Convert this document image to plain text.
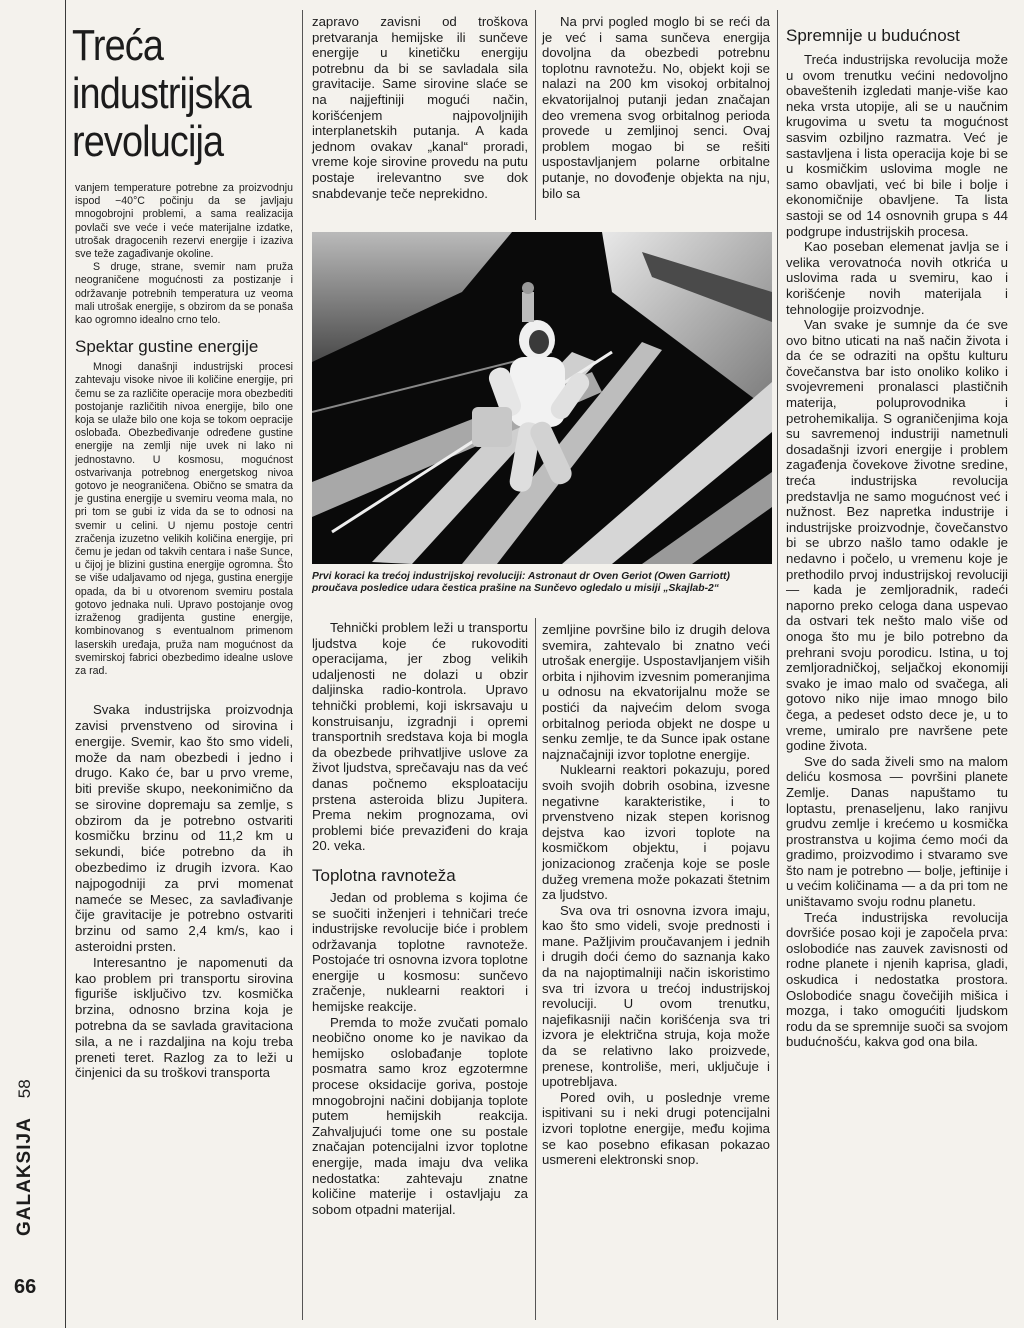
GALAKSIJA 58
66
Treća
industrijska
revolucija

vanjem temperature potrebne za proizvodnju ispod −40°C počinju da se javljaju mnogobrojni problemi, a sama realizacija povlači sve veće i veće materijalne izdatke, utrošak dragocenih rezervi energije i izaziva sve teže zagađivanje okoline.

S druge, strane, svemir nam pruža neograničene mogućnosti za postizanje i održavanje potrebnih temperatura uz veoma mali utrošak energije, s obzirom da se ponaša kao ogromno idealno crno telo.

Spektar gustine energije

Mnogi današnji industrijski procesi zahtevaju visoke nivoe ili količine energije, pri čemu se za različite operacije mora obezbediti postojanje različitih nivoa energije, bilo one koja se ulaže bilo one koja se tokom oepracije oslobađa. Obezbeđivanje određene gustine energije na zemlji nije uvek ni lako ni jednostavno. U kosmosu, mogućnost ostvarivanja potrebnog energetskog nivoa gotovo je neograničena. Obično se smatra da je gustina energije u svemiru veoma mala, no pri tom se gubi iz vida da se to odnosi na svemir u celini. U njemu postoje centri zračenja izuzetno velikih količina energije, pri čemu je jedan od takvih centara i naše Sunce, u čijoj je blizini gustina energije ogromna. Što se više udaljavamo od njega, gustina energije opada, da bi u otvorenom svemiru postala gotovo jednaka nuli. Upravo postojanje ovog izraženog gradijenta gustine energije, kombinovanog s eventualnom primenom laserskih uređaja, pruža nam mogućnost da svemirskoj fabrici obezbedimo idealne uslove za rad.

Svaka industrijska proizvodnja zavisi prvenstveno od sirovina i energije. Svemir, kao što smo videli, može da nam obezbedi i jedno i drugo. Kako će, bar u prvo vreme, biti previše skupo, neekonimično da se sirovine dopremaju sa zemlje, s obzirom da je potrebno ostvariti kosmičku brzinu od 11,2 km u sekundi, biće potrebno da ih obezbedimo iz drugih izvora. Kao najpogodniji za prvi momenat nameće se Mesec, za savlađivanje čije gravitacije je potrebno ostvariti brzinu od samo 2,4 km/s, kao i asteroidni prsten.

Interesantno je napomenuti da kao problem pri transportu sirovina figuriše isključivo tzv. kosmička brzina, odnosno brzina koja je potrebna da se savlada gravitaciona sila, a ne i razdaljina na koju treba preneti teret. Razlog za to leži u činjenici da su troškovi transporta

zapravo zavisni od troškova pretvaranja hemijske ili sunčeve energije u kinetičku energiju potrebnu da bi se savladala sila gravitacije. Same sirovine slaće se na najjeftiniji mogući način, korišćenjem najpovoljnijih interplanetskih putanja. A kada jednom ovakav „kanal“ proradi, vreme koje sirovine provedu na putu postaje irelevantno sve dok snabdevanje teče neprekidno.

Na prvi pogled moglo bi se reći da je već i sama sunčeva energija dovoljna da obezbedi potrebnu toplotnu ravnotežu. No, objekt koji se nalazi na 200 km visokoj orbitalnoj ekvatorijalnoj putanji jedan značajan deo vremena svog orbitalnog perioda provede u zemljinoj senci. Ovaj problem mogao bi se rešiti uspostavljanjem polarne orbitalne putanje, no dovođenje objekta na nju, bilo sa

Prvi koraci ka trećoj industrijskoj revoluciji: Astronaut dr Oven Geriot (Owen Garriott) proučava posledice udara čestica prašine na Sunčevo ogledalo u misiji „Skajlab-2“

Tehnički problem leži u transportu ljudstva koje će rukovoditi operacijama, jer zbog velikih udaljenosti ne dolazi u obzir daljinska radio-kontrola. Upravo tehnički problemi, koji iskrsavaju u konstruisanju, izgradnji i opremi transportnih sredstava koja bi mogla da obezbede prihvatljive uslove za život ljudstva, sprečavaju nas da već danas počnemo eksploataciju prstena asteroida blizu Jupitera. Prema nekim prognozama, ovi problemi biće prevaziđeni do kraja 20. veka.

Toplotna ravnoteža

Jedan od problema s kojima će se suočiti inženjeri i tehničari treće industrijske revolucije biće i problem održavanja toplotne ravnoteže. Postojaće tri osnovna izvora toplotne energije u kosmosu: sunčevo zračenje, nuklearni reaktori i hemijske reakcije.

Premda to može zvučati pomalo neobično onome ko je navikao da hemijsko oslobađanje toplote posmatra samo kroz egzotermne procese oksidacije goriva, postoje mnogobrojni načini dobijanja toplote putem hemijskih reakcija. Zahvaljujući tome one su postale značajan potencijalni izvor toplotne energije, mada imaju dva velika nedostatka: zahtevaju znatne količine materije i ostavljaju za sobom otpadni materijal.

zemljine površine bilo iz drugih delova svemira, zahtevalo bi znatno veći utrošak energije. Uspostavljanjem viših orbita i njihovim izvesnim pomeranjima u odnosu na ekvatorijalnu može se postići da najvećim delom svoga orbitalnog perioda objekt ne dospe u senku zemlje, te da Sunce ipak ostane najznačajniji izvor toplotne energije.

Nuklearni reaktori pokazuju, pored svoih svojih dobrih osobina, izvesne negativne karakteristike, i to prvenstveno nizak stepen korisnog dejstva kao izvori toplote na kosmičkom objektu, i pojavu jonizacionog zračenja koje se posle dužeg vremena može pokazati štetnim za ljudstvo.

Sva ova tri osnovna izvora imaju, kao što smo videli, svoje prednosti i mane. Pažljivim proučavanjem i jednih i drugih doći ćemo do saznanja kako da na najoptimalniji način iskoristimo sva tri izvora u trećoj industrijskoj revoluciji. U ovom trenutku, najefikasniji način korišćenja sva tri izvora je električna struja, koja može da se relativno lako proizvede, prenese, kontroliše, meri, uključuje i upotrebljava.

Pored ovih, u poslednje vreme ispitivani su i neki drugi potencijalni izvori toplotne energije, među kojima se kao posebno efikasan pokazao usmereni elektronski snop.

Spremnije u budućnost

Treća industrijska revolucija može u ovom trenutku većini nedovoljno obaveštenih izgledati manje-više kao neka vrsta utopije, ali se u naučnim krugovima u svetu ta mogućnost sasvim ozbiljno razmatra. Već je sastavljena i lista operacija koje bi se u kosmičkim uslovima mogle ne samo obavljati, već bi bile i bolje i ekonomičnije obavljene. Ta lista sastoji se od 14 osnovnih grupa s 44 podgrupe industrijskih procesa.

Kao poseban elemenat javlja se i velika verovatnoća novih otkrića u uslovima rada u svemiru, kao i korišćenje novih materijala i tehnologije proizvodnje.

Van svake je sumnje da će sve ovo bitno uticati na naš način života i da će se odraziti na opštu kulturu čovečanstva bar isto onoliko koliko i svojevremeni pronalasci plastičnih materija, poluprovodnika i petrohemikalija. S ograničenjima koja su savremenoj industriji nametnuli dosadašnji izvori energije i problem zagađenja čovekove životne sredine, treća industrijska revolucija predstavlja ne samo mogućnost već i nužnost. Bez napretka industrije i industrijske proizvodnje, čovečanstvo bi se ubrzo našlo tamo odakle je nedavno i počelo, u vremenu koje je prethodilo prvoj industrijskoj revoluciji — kada je zemljoradnik, radeći naporno preko celoga dana uspevao da ostvari tek nešto malo više od onoga što mu je bilo potrebno da prehrani svoju porodicu. Istina, u toj zemljoradničkoj, seljačkoj ekonomiji svako je imao malo od svačega, ali gotovo niko nije imao mnogo bilo čega, a pedeset odsto dece je, u to vreme, umiralo pre navršene pete godine života.

Sve do sada živeli smo na malom deliću kosmosa — površini planete Zemlje. Danas napuštamo tu loptastu, prenaseljenu, lako ranjivu grudvu zemlje i krećemo u kosmička prostranstva u kojima ćemo moći da gradimo, proizvodimo i stvaramo sve što nam je potrebno — bolje, jeftinije i u većim količinama — a da pri tom ne uništavamo svoju rodnu planetu.

Treća industrijska revolucija dovršiće posao koji je započela prva: oslobodiće nas zauvek zavisnosti od rodne planete i njenih kaprisa, gladi, oskudica i nedostatka prostora. Oslobodiće snagu čovečijih mišica i mozga, i tako omogućiti ljudskom rodu da se spremnije suoči sa svojom budućnošću, kakva god ona bila.
